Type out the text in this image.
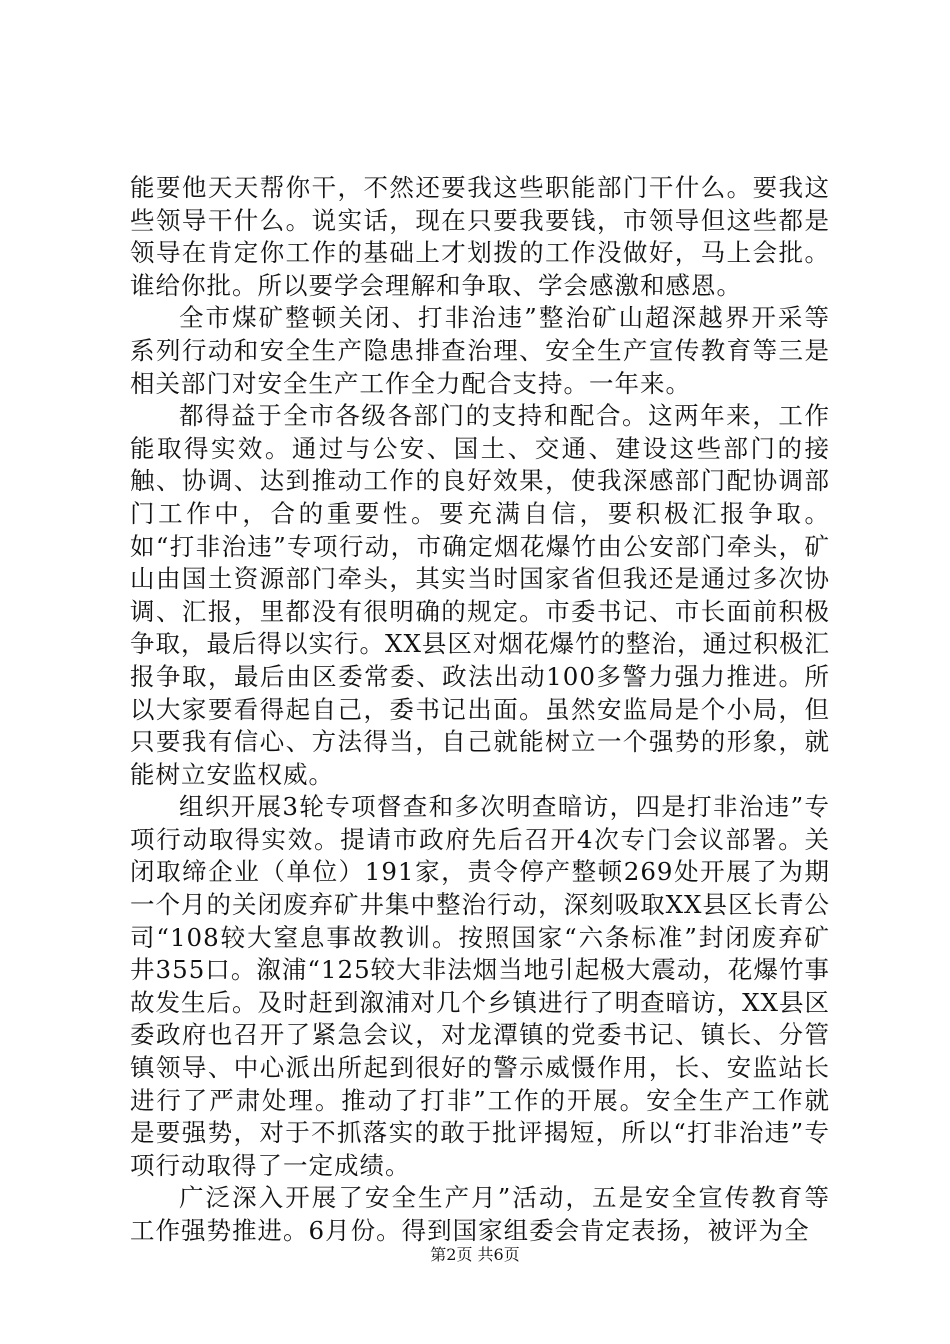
能要他天天帮你干，不然还要我这些职能部门干什么。要我这些领导干什么。说实话，现在只要我要钱，市领导但这些都是领导在肯定你工作的基础上才划拨的工作没做好，马上会批。谁给你批。所以要学会理解和争取、学会感激和感恩。

全市煤矿整顿关闭、打非治违”整治矿山超深越界开采等系列行动和安全生产隐患排查治理、安全生产宣传教育等三是相关部门对安全生产工作全力配合支持。一年来。

都得益于全市各级各部门的支持和配合。这两年来，工作能取得实效。通过与公安、国土、交通、建设这些部门的接触、协调、达到推动工作的良好效果，使我深感部门配协调部门工作中，合的重要性。要充满自信，要积极汇报争取。如“打非治违”专项行动，市确定烟花爆竹由公安部门牵头，矿山由国土资源部门牵头，其实当时国家省但我还是通过多次协调、汇报，里都没有很明确的规定。市委书记、市长面前积极争取，最后得以实行。XX县区对烟花爆竹的整治，通过积极汇报争取，最后由区委常委、政法出动100多警力强力推进。所以大家要看得起自己，委书记出面。虽然安监局是个小局，但只要我有信心、方法得当，自己就能树立一个强势的形象，就能树立安监权威。

组织开展3轮专项督查和多次明查暗访，四是打非治违”专项行动取得实效。提请市政府先后召开4次专门会议部署。关闭取缔企业（单位）191家，责令停产整顿269处开展了为期一个月的关闭废弃矿井集中整治行动，深刻吸取XX县区长青公司“108较大窒息事故教训。按照国家“六条标准”封闭废弃矿井355口。溆浦“125较大非法烟当地引起极大震动，花爆竹事故发生后。及时赶到溆浦对几个乡镇进行了明查暗访，XX县区委政府也召开了紧急会议，对龙潭镇的党委书记、镇长、分管镇领导、中心派出所起到很好的警示威慑作用，长、安监站长进行了严肃处理。推动了打非”工作的开展。安全生产工作就是要强势，对于不抓落实的敢于批评揭短，所以“打非治违”专项行动取得了一定成绩。

广泛深入开展了安全生产月”活动，五是安全宣传教育等工作强势推进。6月份。得到国家组委会肯定表扬，被评为全

第2页 共6页
